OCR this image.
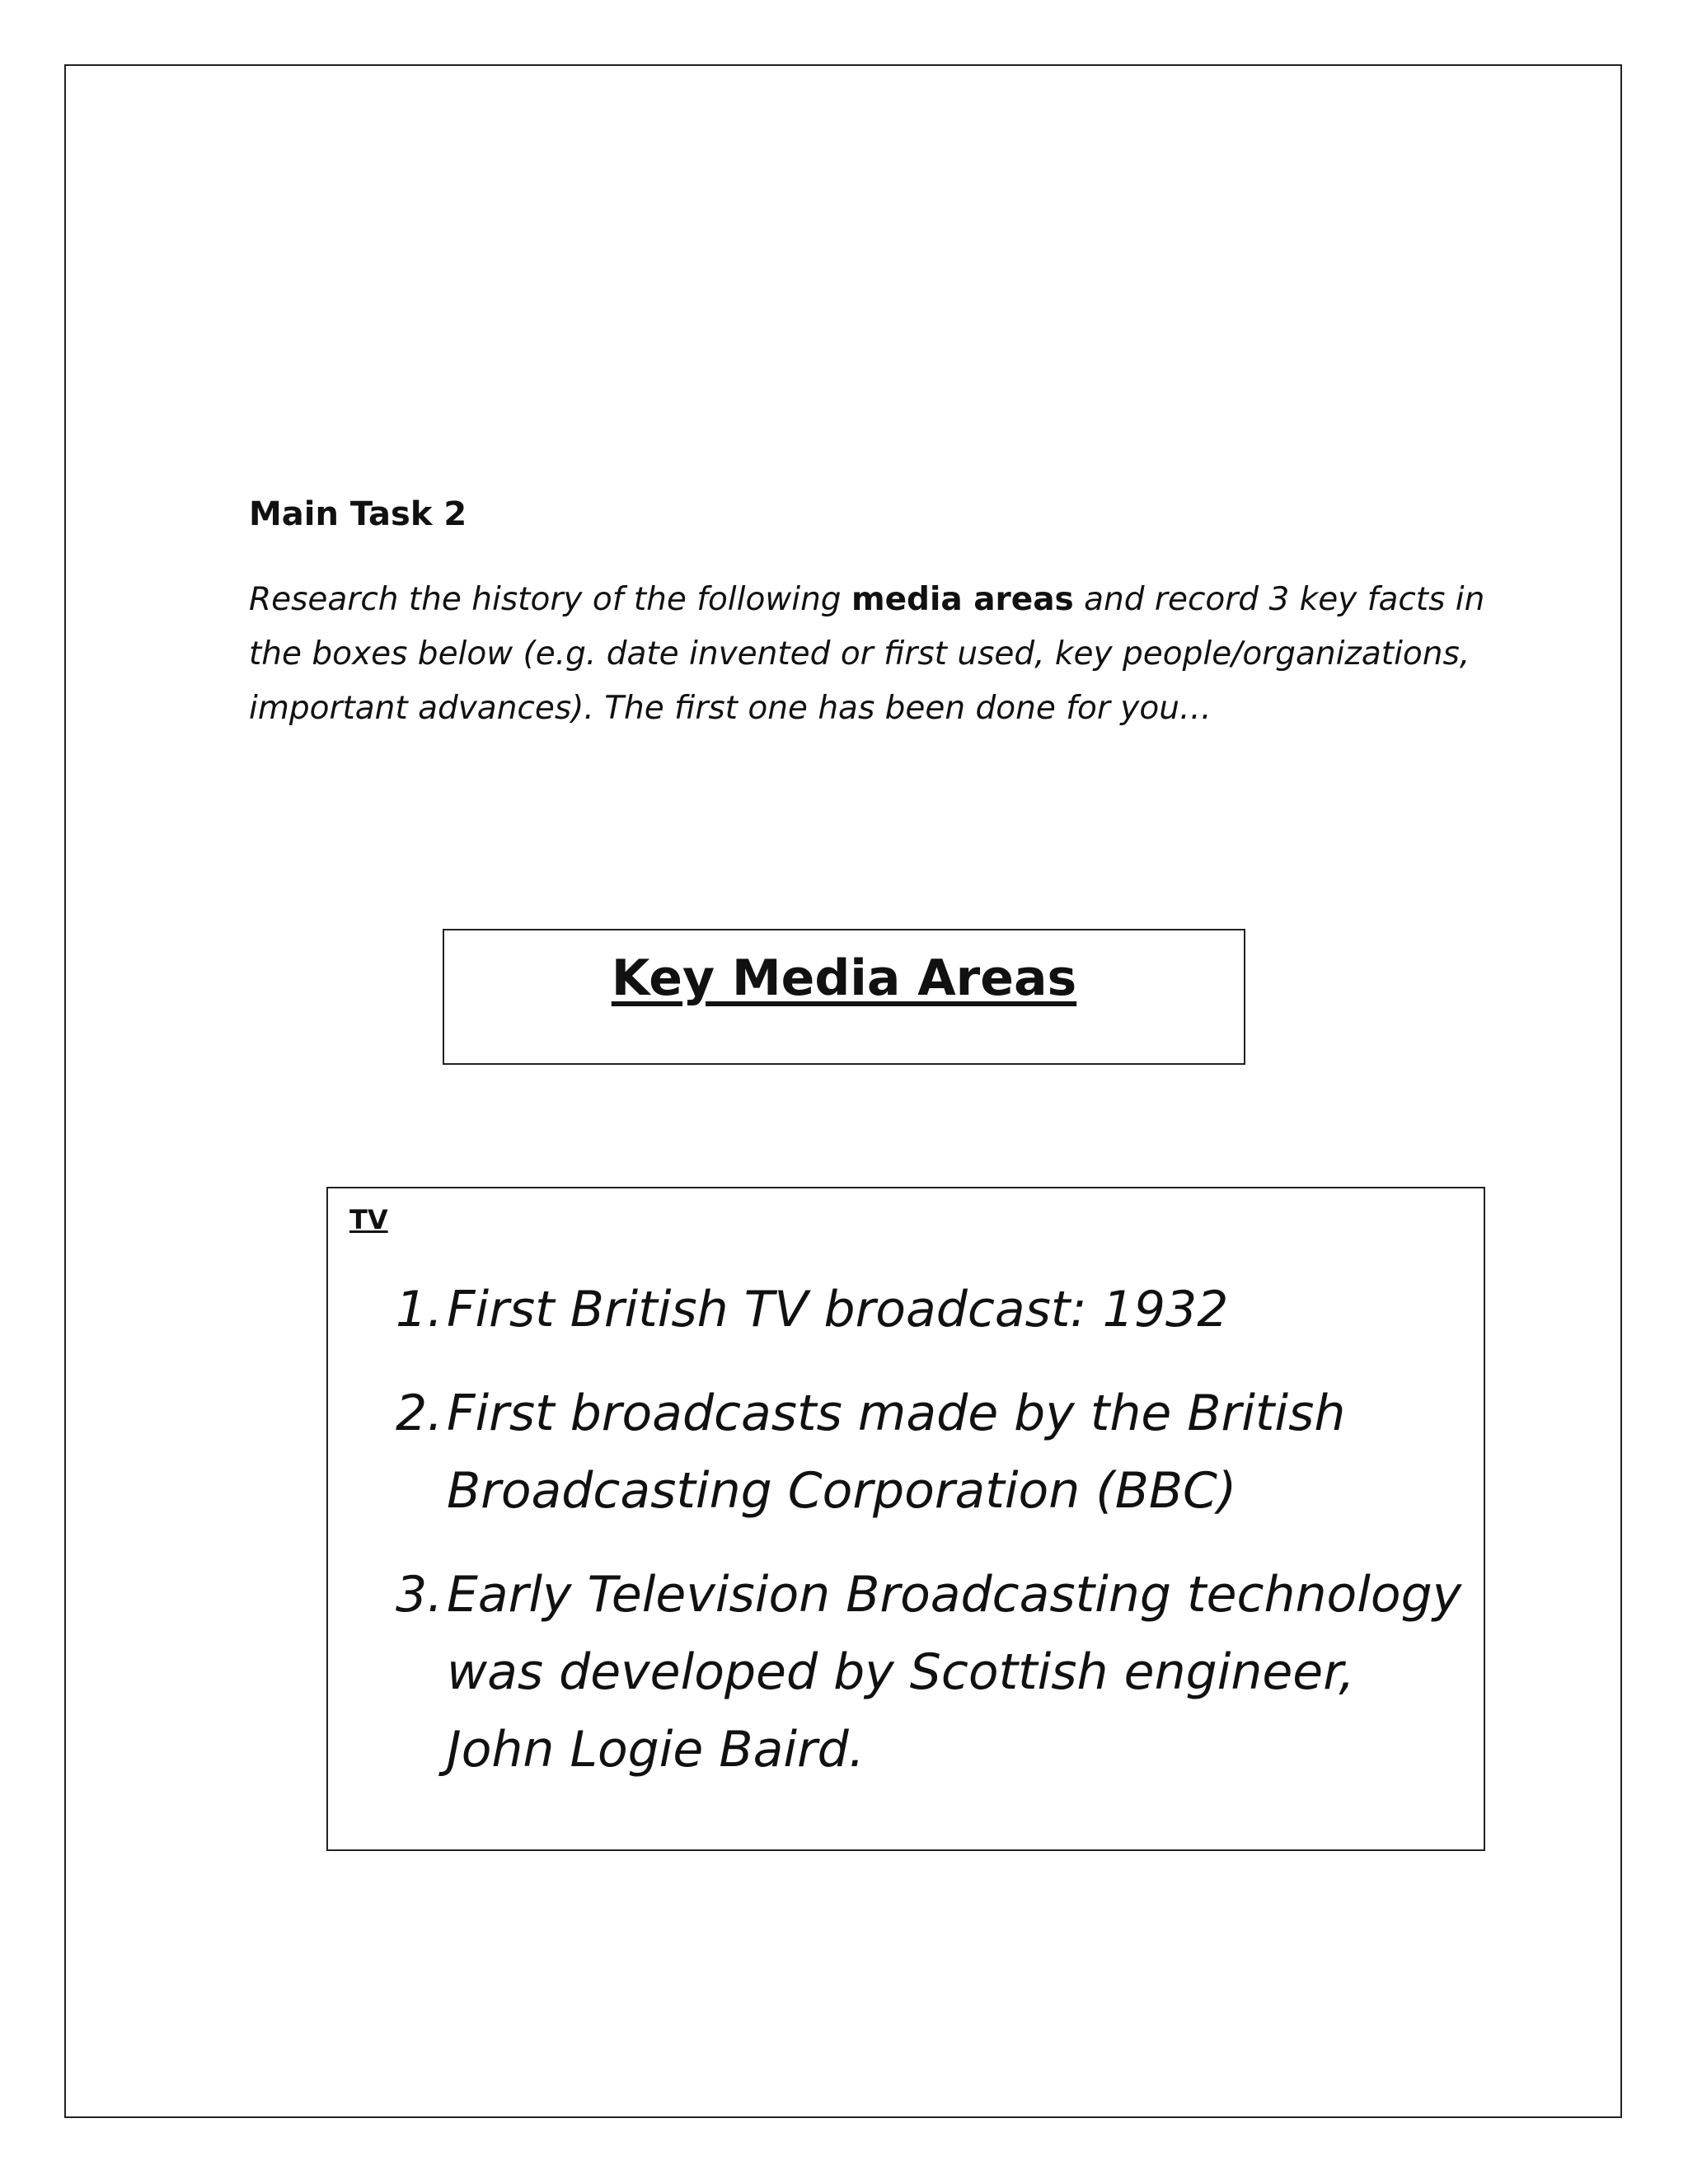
Main Task 2

Research the history of the following media areas and record 3 key facts in the boxes below (e.g. date invented or first used, key people/organizations, important advances). The first one has been done for you…

Key Media Areas
TV
1. First British TV broadcast: 1932
2. First broadcasts made by the British Broadcasting Corporation (BBC)
3. Early Television Broadcasting technology was developed by Scottish engineer, John Logie Baird.
